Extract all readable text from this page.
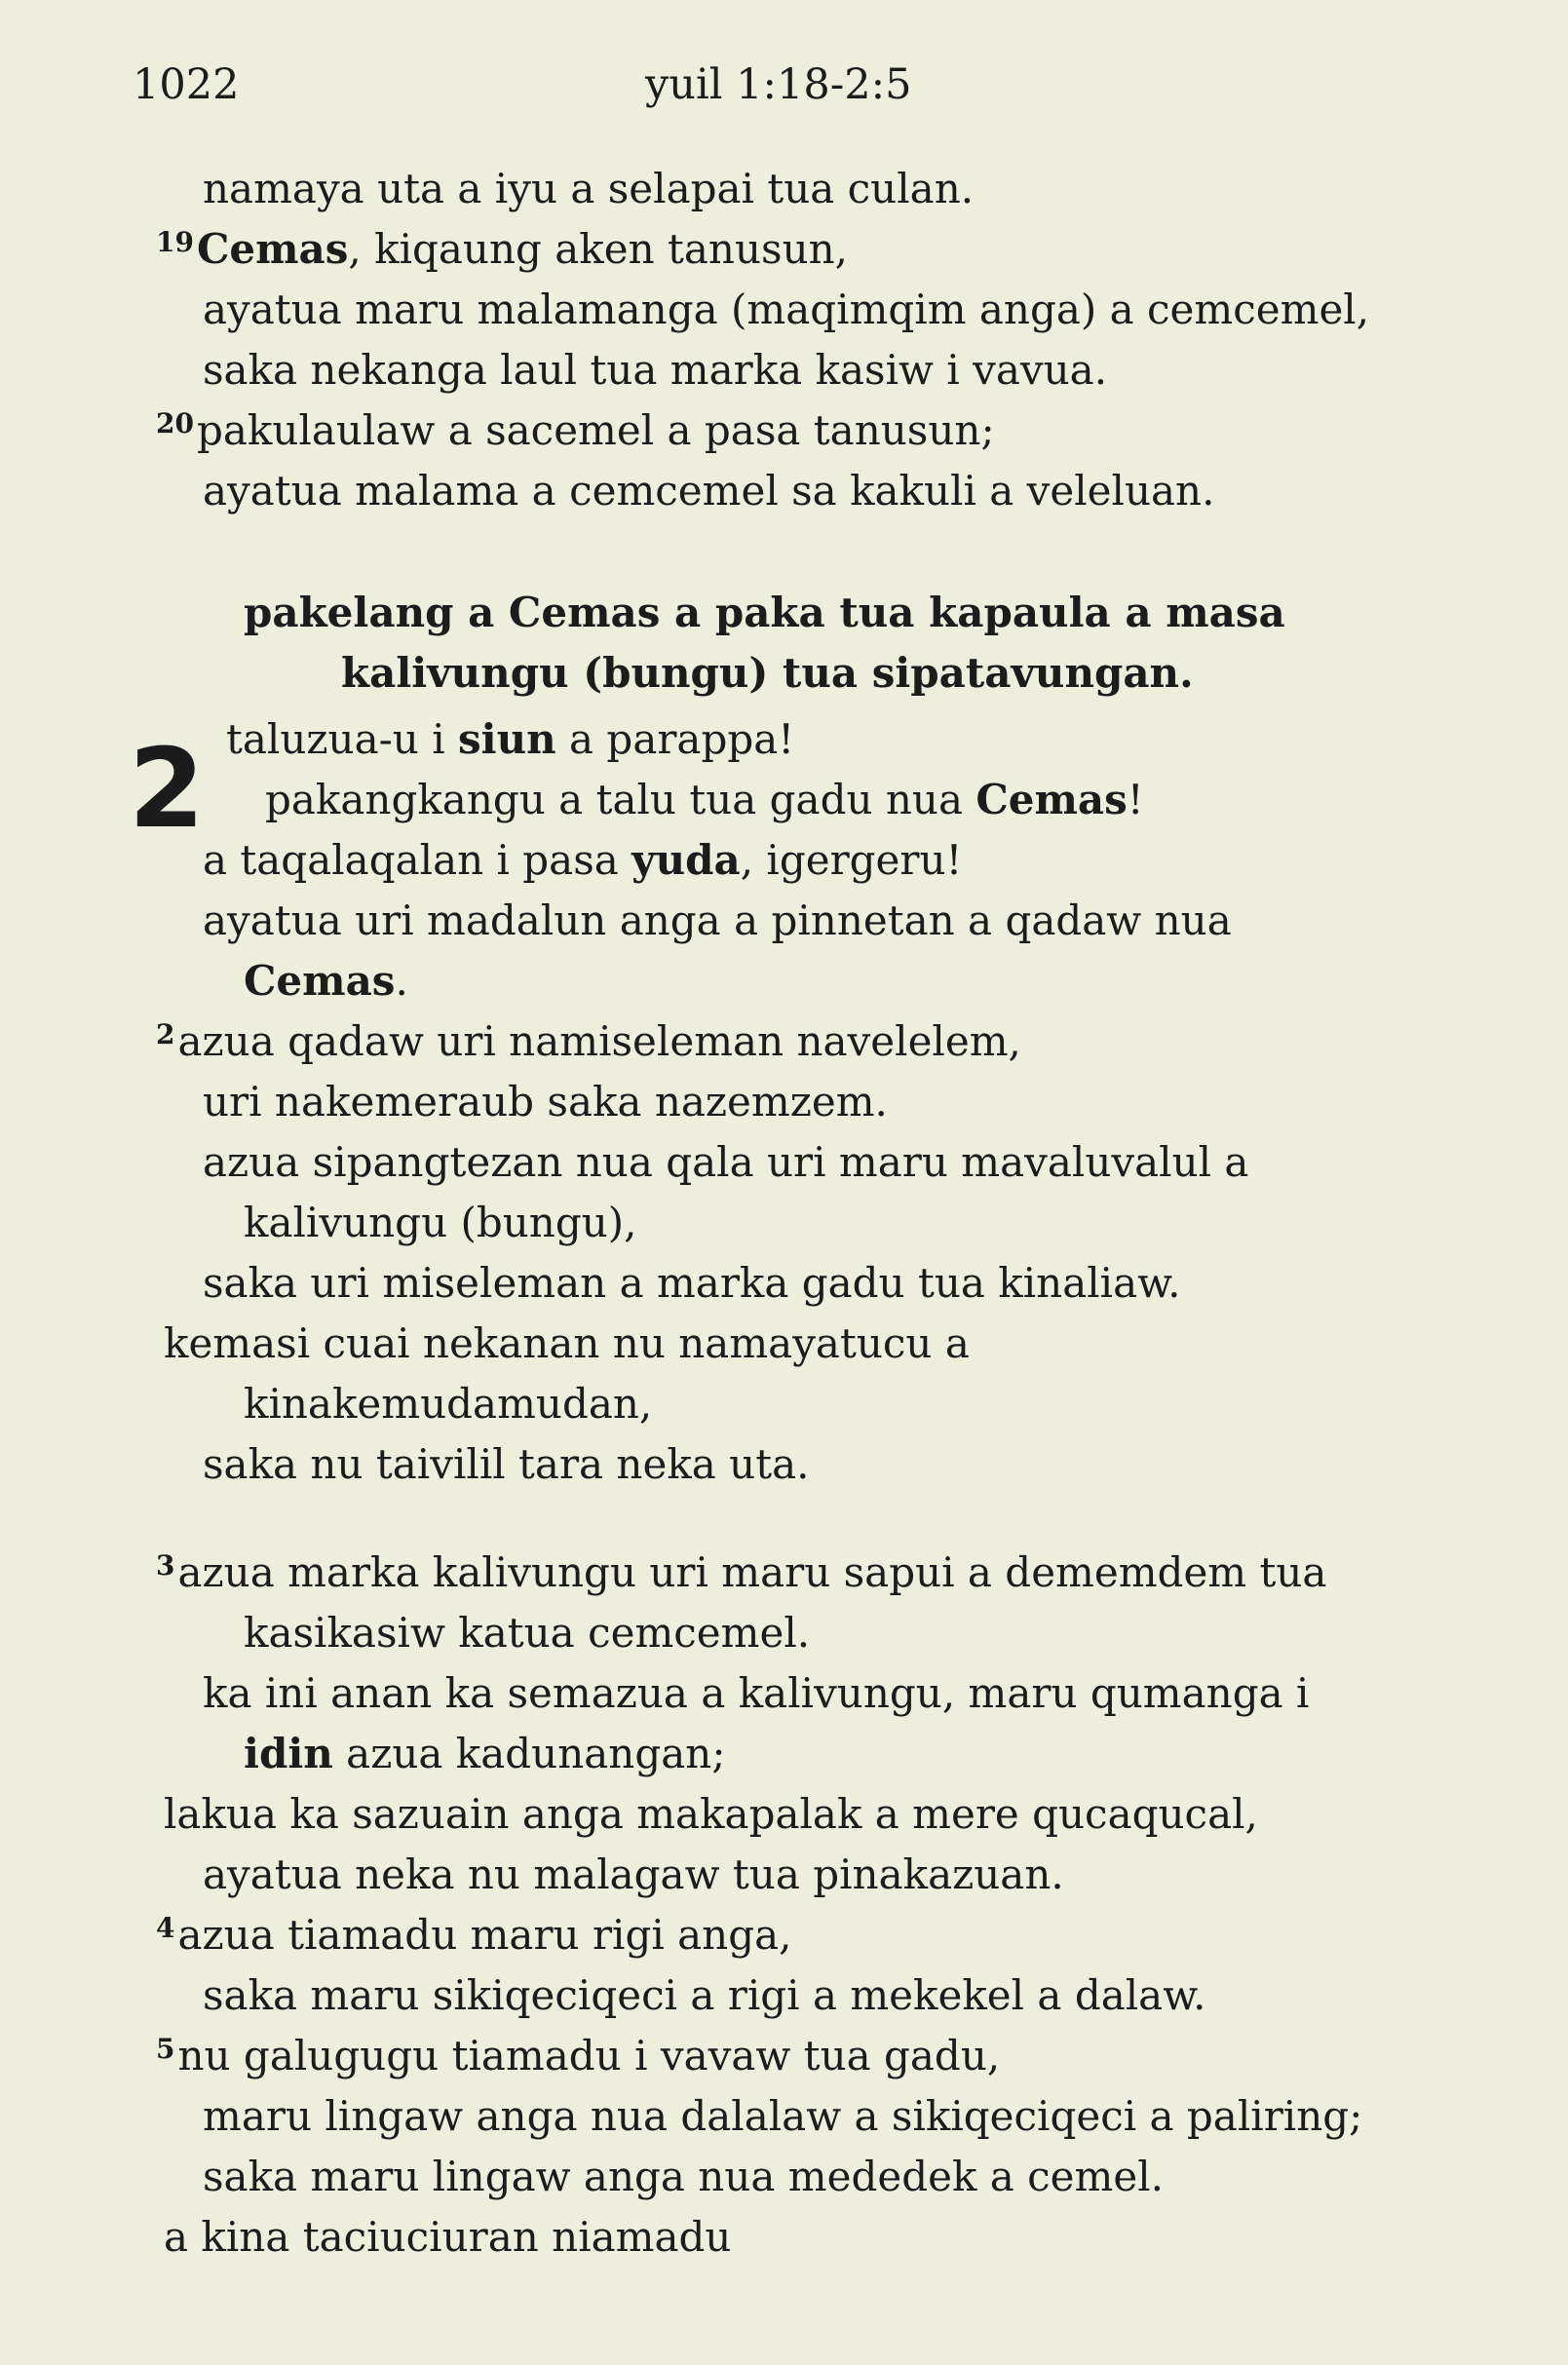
1022	yuil 1:18-2:5
namaya uta a iyu a selapai tua culan.
$^{19}$Cemas, kiqaung aken tanusun,
ayatua maru malamanga (maqimqim anga) a cemcemel,
saka nekanga laul tua marka kasiw i vavua.
$^{20}$pakulaulaw a sacemel a pasa tanusun;
ayatua malama a cemcemel sa kakuli a veleluan.
pakelang a Cemas a paka tua kapaula a masa
kalivungu (bungu) tua sipatavungan.
taluzua-u i siun a parappa!
pakangkangu a talu tua gadu nua Cemas!
a taqalaqalan i pasa yuda, igergeru!
ayatua uri madalun anga a pinnetan a qadaw nua
Cemas.
$^2$azua qadaw uri namiseleman navelelem,
uri nakemeraub saka nazemzem.
azua sipangtezan nua qala uri maru mavaluvalul a
kalivungu (bungu),
saka uri miseleman a marka gadu tua kinaliaw.
kemasi cuai nekanan nu namayatucu a
kinakemudamudan,
saka nu taivilil tara neka uta.
$^3$azua marka kalivungu uri maru sapui a dememdem tua
kasikasiw katua cemcemel.
ka ini anan ka semazua a kalivungu, maru qumanga i
idin azua kadunangan;
lakua ka sazuain anga makapalak a mere qucaqucal,
ayatua neka nu malagaw tua pinakazuan.
$^4$azua tiamadu maru rigi anga,
saka maru sikiqeciqeci a rigi a mekekel a dalaw.
$^5$nu galugugu tiamadu i vavaw tua gadu,
maru lingaw anga nua dalalaw a sikiqeciqeci a paliring;
saka maru lingaw anga nua mededek a cemel.
a kina taciuciuran niamadu
2
